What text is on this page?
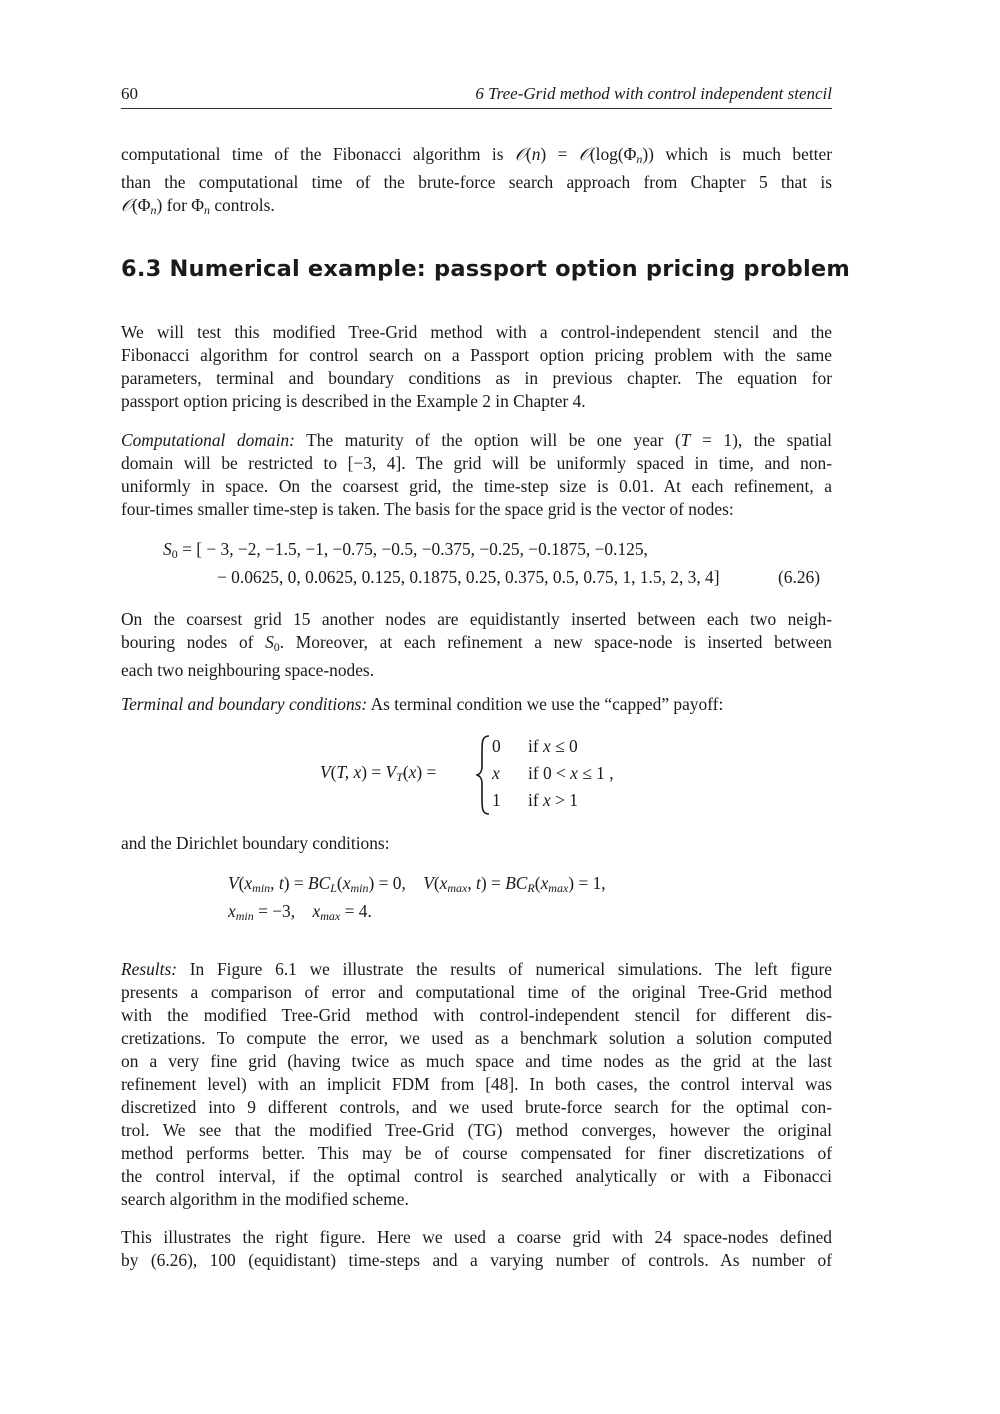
60	6 Tree-Grid method with control independent stencil
computational time of the Fibonacci algorithm is 𝒪(n) = $𝒪(\log(\Phi_n))$ which is much better
than the computational time of the brute-force search approach from Chapter 5 that is
$𝒪(\Phi_n)$ for $\Phi_n$ controls.
6.3 Numerical example: passport option pricing problem
We will test this modified Tree-Grid method with a control-independent stencil and the
Fibonacci algorithm for control search on a Passport option pricing problem with the same
parameters, terminal and boundary conditions as in previous chapter. The equation for
passport option pricing is described in the Example 2 in Chapter 4.
Computational domain: The maturity of the option will be one year (T = 1), the spatial
domain will be restricted to [−3, 4]. The grid will be uniformly spaced in time, and non-
uniformly in space. On the coarsest grid, the time-step size is 0.01. At each refinement, a
four-times smaller time-step is taken. The basis for the space grid is the vector of nodes:
$S_0$ = [ − 3, −2, −1.5, −1, −0.75, −0.5, −0.375, −0.25, −0.1875, −0.125,
− 0.0625, 0, 0.0625, 0.125, 0.1875, 0.25, 0.375, 0.5, 0.75, 1, 1.5, 2, 3, 4]	(6.26)
On the coarsest grid 15 another nodes are equidistantly inserted between each two neigh-
bouring nodes of $S_0$. Moreover, at each refinement a new space-node is inserted between
each two neighbouring space-nodes.
Terminal and boundary conditions: As terminal condition we use the “capped” payoff:
V(T, $x) = V_T(x)$ =
0 if x ≤ 0
x if 0 < x ≤ 1 ,
1 if x > 1
and the Dirichlet boundary conditions:
$V(x_{min}$, $t) = BC_L(x_{min}) = 0$, $V(x_{max}$, $t) = BC_R(x_{max}) = 1$,
$x_{min} = -3$, $x_{max} = 4$.
Results: In Figure 6.1 we illustrate the results of numerical simulations. The left figure
presents a comparison of error and computational time of the original Tree-Grid method
with the modified Tree-Grid method with control-independent stencil for different dis-
cretizations. To compute the error, we used as a benchmark solution a solution computed
on a very fine grid (having twice as much space and time nodes as the grid at the last
refinement level) with an implicit FDM from [48]. In both cases, the control interval was
discretized into 9 different controls, and we used brute-force search for the optimal con-
trol. We see that the modified Tree-Grid (TG) method converges, however the original
method performs better. This may be of course compensated for finer discretizations of
the control interval, if the optimal control is searched analytically or with a Fibonacci
search algorithm in the modified scheme.
This illustrates the right figure. Here we used a coarse grid with 24 space-nodes defined
by (6.26), 100 (equidistant) time-steps and a varying number of controls. As number of
